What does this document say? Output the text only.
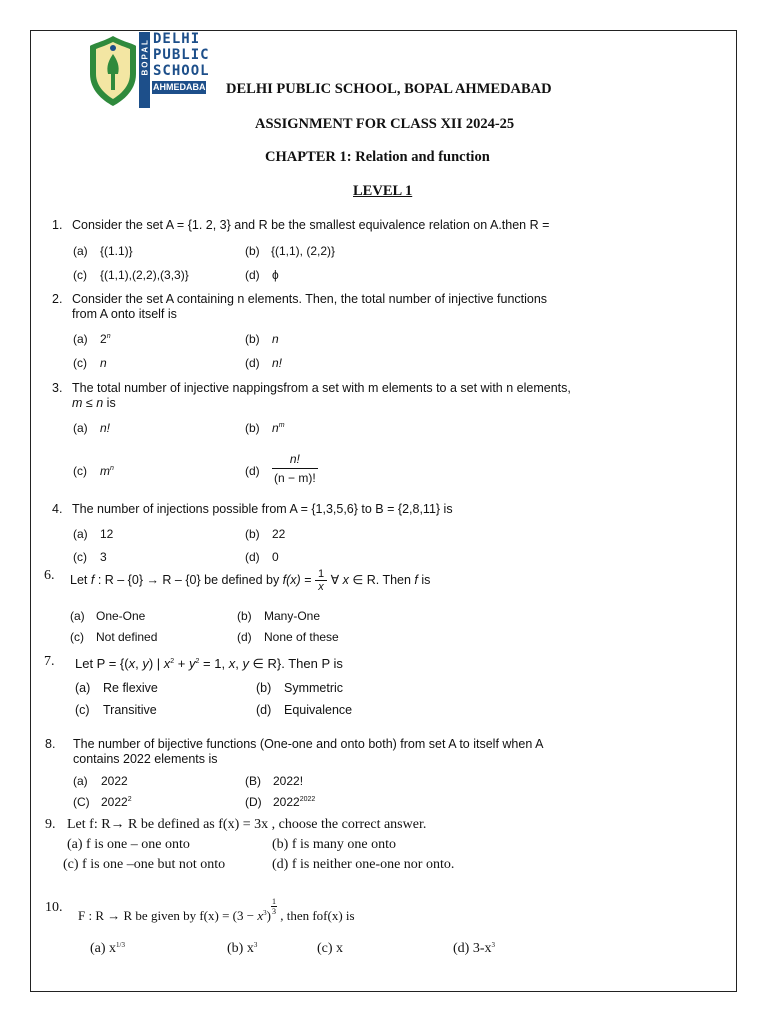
BOPAL DELHI
PUBLIC
SCHOOL
AHMEDABAD DELHI PUBLIC SCHOOL, BOPAL AHMEDABAD
ASSIGNMENT FOR CLASS XII 2024-25
CHAPTER 1: Relation and function
LEVEL 1
1. Consider the set A = {1. 2, 3} and R be the smallest equivalence relation on A.then R =
(a) {(1.1)}	(b) {(1,1), (2,2)}
(c) {(1,1),(2,2),(3,3)}	(d) ϕ
2. Consider the set A containing n elements. Then, the total number of injective functions
from A onto itself is
(a) 2$^n$	(b) n
(c) n	(d) n!
3. The total number of injective nappingsfrom a set with m elements to a set with n elements,
m ≤ n is
(a) n!	(b) $n^m$
(c) $m^n$	$(d) \frac{n!}{(n - m)!}$
4. The number of injections possible from A = {1,3,5,6} to B = {2,8,11} is
(a) 12	(b) 22
(c) 3	(d) 0
6. Let f : R – {0} → R – {0} be defined by $f(x) = \frac{1}{x}$ ∀ x ∈ R. Then f is
(a) One-One	(b) Many-One
(c) Not defined	(d) None of these
7. Let P = {(x, y) | $x^2 + y^2 = 1$, x, y ∈ R}. Then P is
(a) Re flexive	(b) Symmetric
(c) Transitive	(d) Equivalence
8. The number of bijective functions (One-one and onto both) from set A to itself when A
contains 2022 elements is
(a) 2022	(B) 2022!
(C) 2022$^2$	(D) $2022^{2022}$
9. Let f: R→ R be defined as f(x) = 3x , choose the correct answer.
(a) f is one – one onto	(b) f is many one onto
(c) f is one –one but not onto	(d) f is neither one-one nor onto.
10.
F : R → R be given by $f(x) = (3 - x^3) \frac{1}{3}$ , then fof(x) is
(a) $x^{1/3}$	(b) $x^3$	(c) x	(d) $3-x^3$
